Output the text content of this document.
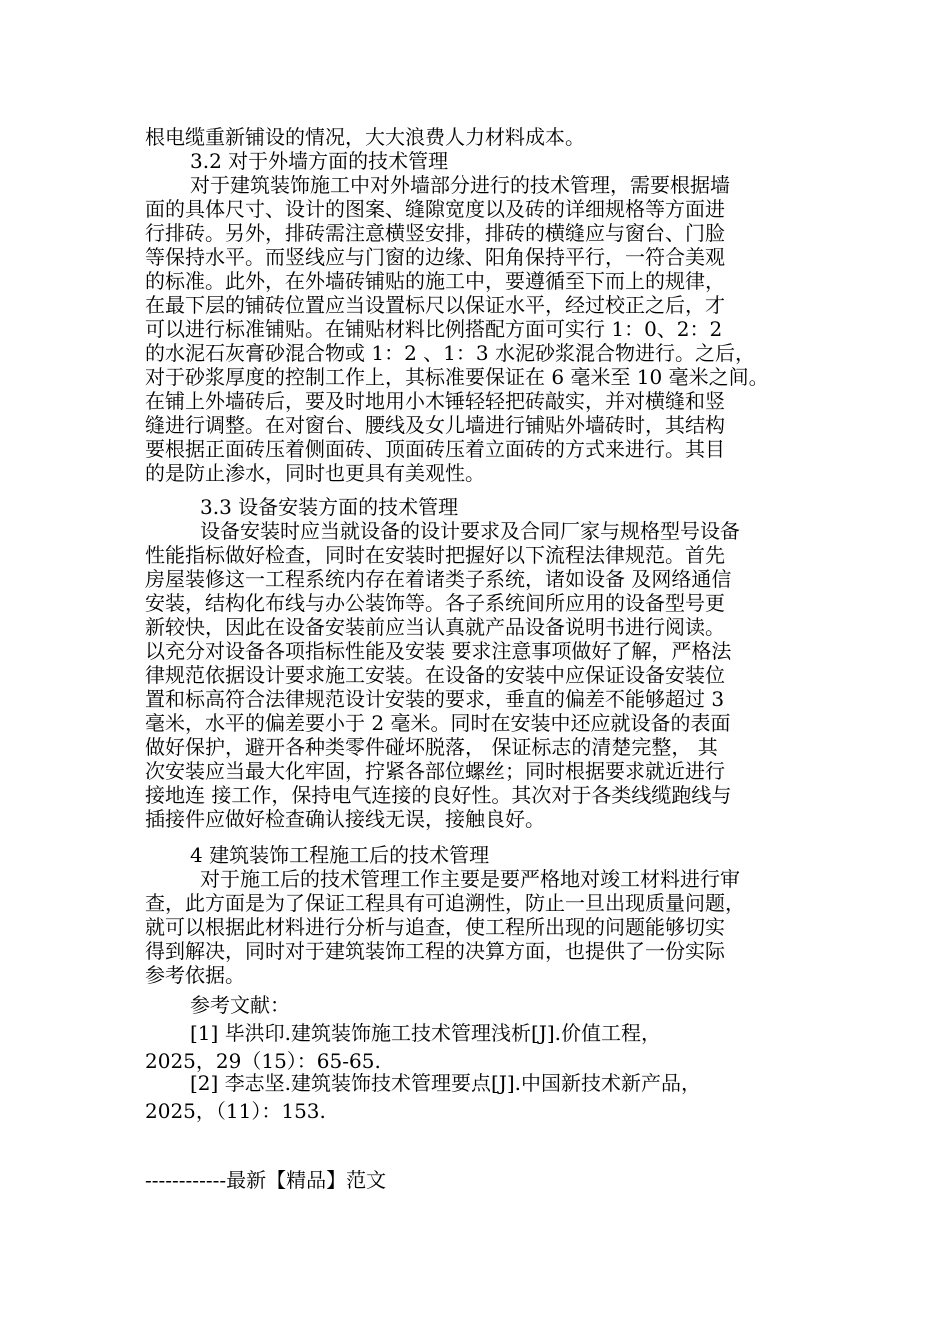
根电缆重新铺设的情况，大大浪费人力材料成本。
3.2 对于外墙方面的技术管理
对于建筑装饰施工中对外墙部分进行的技术管理，需要根据墙
面的具体尺寸、设计的图案、缝隙宽度以及砖的详细规格等方面进
行排砖。另外，排砖需注意横竖安排，排砖的横缝应与窗台、门脸
等保持水平。而竖线应与门窗的边缘、阳角保持平行，一符合美观
的标准。此外，在外墙砖铺贴的施工中，要遵循至下而上的规律，
在最下层的铺砖位置应当设置标尺以保证水平，经过校正之后，才
可以进行标准铺贴。在铺贴材料比例搭配方面可实行 1：0、2：2
的水泥石灰膏砂混合物或 1：2 、1：3 水泥砂浆混合物进行。之后，
对于砂浆厚度的控制工作上，其标准要保证在 6 毫米至 10 毫米之间。
在铺上外墙砖后，要及时地用小木锤轻轻把砖敲实，并对横缝和竖
缝进行调整。在对窗台、腰线及女儿墙进行铺贴外墙砖时，其结构
要根据正面砖压着侧面砖、顶面砖压着立面砖的方式来进行。其目
的是防止渗水，同时也更具有美观性。
3.3 设备安装方面的技术管理
设备安装时应当就设备的设计要求及合同厂家与规格型号设备
性能指标做好检查，同时在安装时把握好以下流程法律规范。首先
房屋装修这一工程系统内存在着诸类子系统，诸如设备 及网络通信
安装，结构化布线与办公装饰等。各子系统间所应用的设备型号更
新较快，因此在设备安装前应当认真就产品设备说明书进行阅读。
以充分对设备各项指标性能及安装 要求注意事项做好了解，严格法
律规范依据设计要求施工安装。在设备的安装中应保证设备安装位
置和标高符合法律规范设计安装的要求，垂直的偏差不能够超过 3
毫米，水平的偏差要小于 2 毫米。同时在安装中还应就设备的表面
做好保护，避开各种类零件碰坏脱落， 保证标志的清楚完整， 其
次安装应当最大化牢固，拧紧各部位螺丝；同时根据要求就近进行
接地连 接工作，保持电气连接的良好性。其次对于各类线缆跑线与
插接件应做好检查确认接线无误，接触良好。
4 建筑装饰工程施工后的技术管理
对于施工后的技术管理工作主要是要严格地对竣工材料进行审
查，此方面是为了保证工程具有可追溯性，防止一旦出现质量问题，
就可以根据此材料进行分析与追查，使工程所出现的问题能够切实
得到解决，同时对于建筑装饰工程的决算方面，也提供了一份实际
参考依据。
参考文献：
[1] 毕洪印.建筑装饰施工技术管理浅析[J].价值工程，
2025，29（15）：65-65.
[2] 李志坚.建筑装饰技术管理要点[J].中国新技术新产品，
2025，（11）：153.
------------最新【精品】范文
